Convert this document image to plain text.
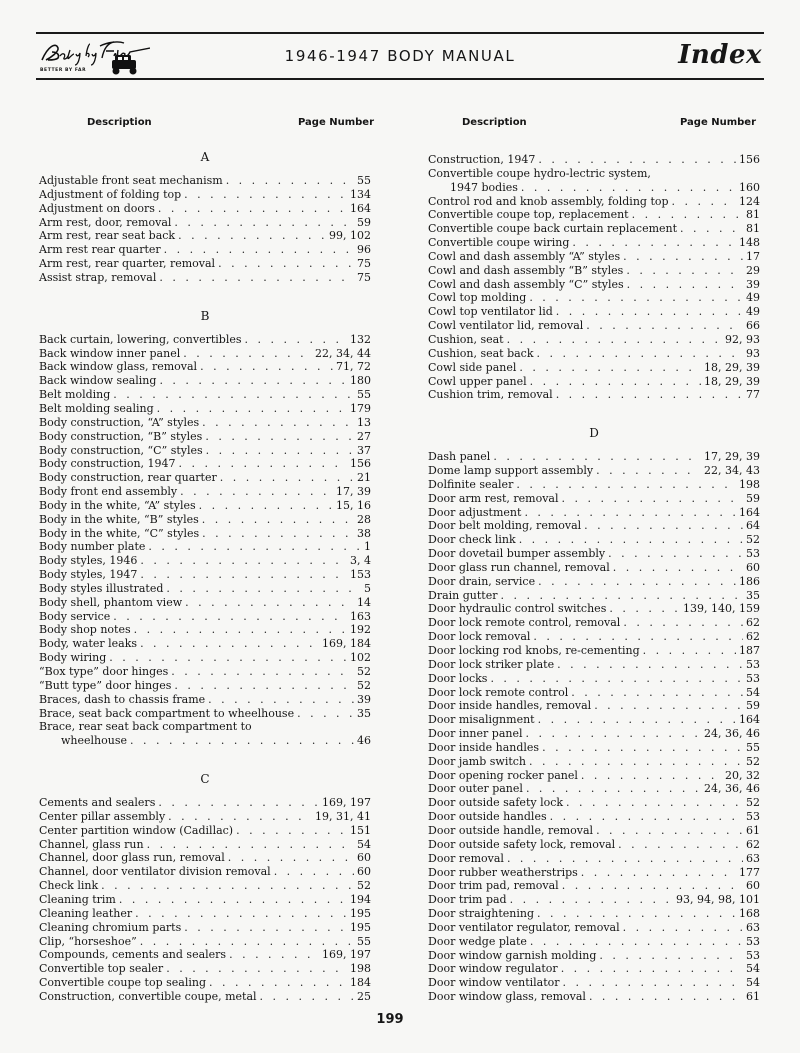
BETTER BY FAR
1946-1947 BODY MANUAL	Index
Description	Page Number	Description	Page Number
A
Adjustable front seat mechanism . . .	55
Adjustment of folding top . . .	134
Adjustment on doors . . .	164
Arm rest, door, removal . . .	59
Arm rest, rear seat back . . .	99, 102
Arm rest rear quarter . . .	96
Arm rest, rear quarter, removal . . .	75
Assist strap, removal . . .	75
B
Back curtain, lowering, convertibles . . .	132
Back window inner panel . . .	22, 34, 44
Back window glass, removal . . .	71, 72
Back window sealing . . .	180
Belt molding . . .	55
Belt molding sealing . . .	179
Body construction, “A” styles . . .	13
Body construction, “B” styles . . .	27
Body construction, “C” styles . . .	37
Body construction, 1947 . . .	156
Body construction, rear quarter . . .	21
Body front end assembly . . .	17, 39
Body in the white, “A” styles . . .	15, 16
Body in the white, “B” styles . . .	28
Body in the white, “C” styles . . .	38
Body number plate . . .	1
Body styles, 1946 . . .	3, 4
Body styles, 1947 . . .	153
Body styles illustrated . . .	5
Body shell, phantom view . . .	14
Body service . . .	163
Body shop notes . . .	192
Body, water leaks . . .	169, 184
Body wiring . . .	102
“Box type” door hinges . . .	52
“Butt type” door hinges . . .	52
Braces, dash to chassis frame . . .	39
Brace, seat back compartment to wheelhouse . . .	35
Brace, rear seat back compartment to
wheelhouse . . .	46
C
Cements and sealers . . .	169, 197
Center pillar assembly . . .	19, 31, 41
Center partition window (Cadillac) . . .	151
Channel, glass run . . .	54
Channel, door glass run, removal . . .	60
Channel, door ventilator division removal . . .	60
Check link . . .	52
Cleaning trim . . .	194
Cleaning leather . . .	195
Cleaning chromium parts . . .	195
Clip, “horseshoe” . . .	55
Compounds, cements and sealers . . .	169, 197
Convertible top sealer . . .	198
Convertible coupe top sealing . . .	184
Construction, convertible coupe, metal . . .	25
Construction, 1947 . . .	156
Convertible coupe hydro-lectric system,
1947 bodies . . .	160
Control rod and knob assembly, folding top . . .	124
Convertible coupe top, replacement . . .	81
Convertible coupe back curtain replacement . . .	81
Convertible coupe wiring . . .	148
Cowl and dash assembly “A” styles . . .	17
Cowl and dash assembly “B” styles . . .	29
Cowl and dash assembly “C” styles . . .	39
Cowl top molding . . .	49
Cowl top ventilator lid . . .	49
Cowl ventilator lid, removal . . .	66
Cushion, seat . . .	92, 93
Cushion, seat back . . .	93
Cowl side panel . . .	18, 29, 39
Cowl upper panel . . .	18, 29, 39
Cushion trim, removal . . .	77
D
Dash panel . . .	17, 29, 39
Dome lamp support assembly . . .	22, 34, 43
Dolfinite sealer . . .	198
Door arm rest, removal . . .	59
Door adjustment . . .	164
Door belt molding, removal . . .	64
Door check link . . .	52
Door dovetail bumper assembly . . .	53
Door glass run channel, removal . . .	60
Door drain, service . . .	186
Drain gutter . . .	35
Door hydraulic control switches . . .	139, 140, 159
Door lock remote control, removal . . .	62
Door lock removal . . .	62
Door locking rod knobs, re-cementing . . .	187
Door lock striker plate . . .	53
Door locks . . .	53
Door lock remote control . . .	54
Door inside handles, removal . . .	59
Door misalignment . . .	164
Door inner panel . . .	24, 36, 46
Door inside handles . . .	55
Door jamb switch . . .	52
Door opening rocker panel . . .	20, 32
Door outer panel . . .	24, 36, 46
Door outside safety lock . . .	52
Door outside handles . . .	53
Door outside handle, removal . . .	61
Door outside safety lock, removal . . .	62
Door removal . . .	63
Door rubber weatherstrips . . .	177
Door trim pad, removal . . .	60
Door trim pad . . .	93, 94, 98, 101
Door straightening . . .	168
Door ventilator regulator, removal . . .	63
Door wedge plate . . .	53
Door window garnish molding . . .	53
Door window regulator . . .	54
Door window ventilator . . .	54
Door window glass, removal . . .	61
199
